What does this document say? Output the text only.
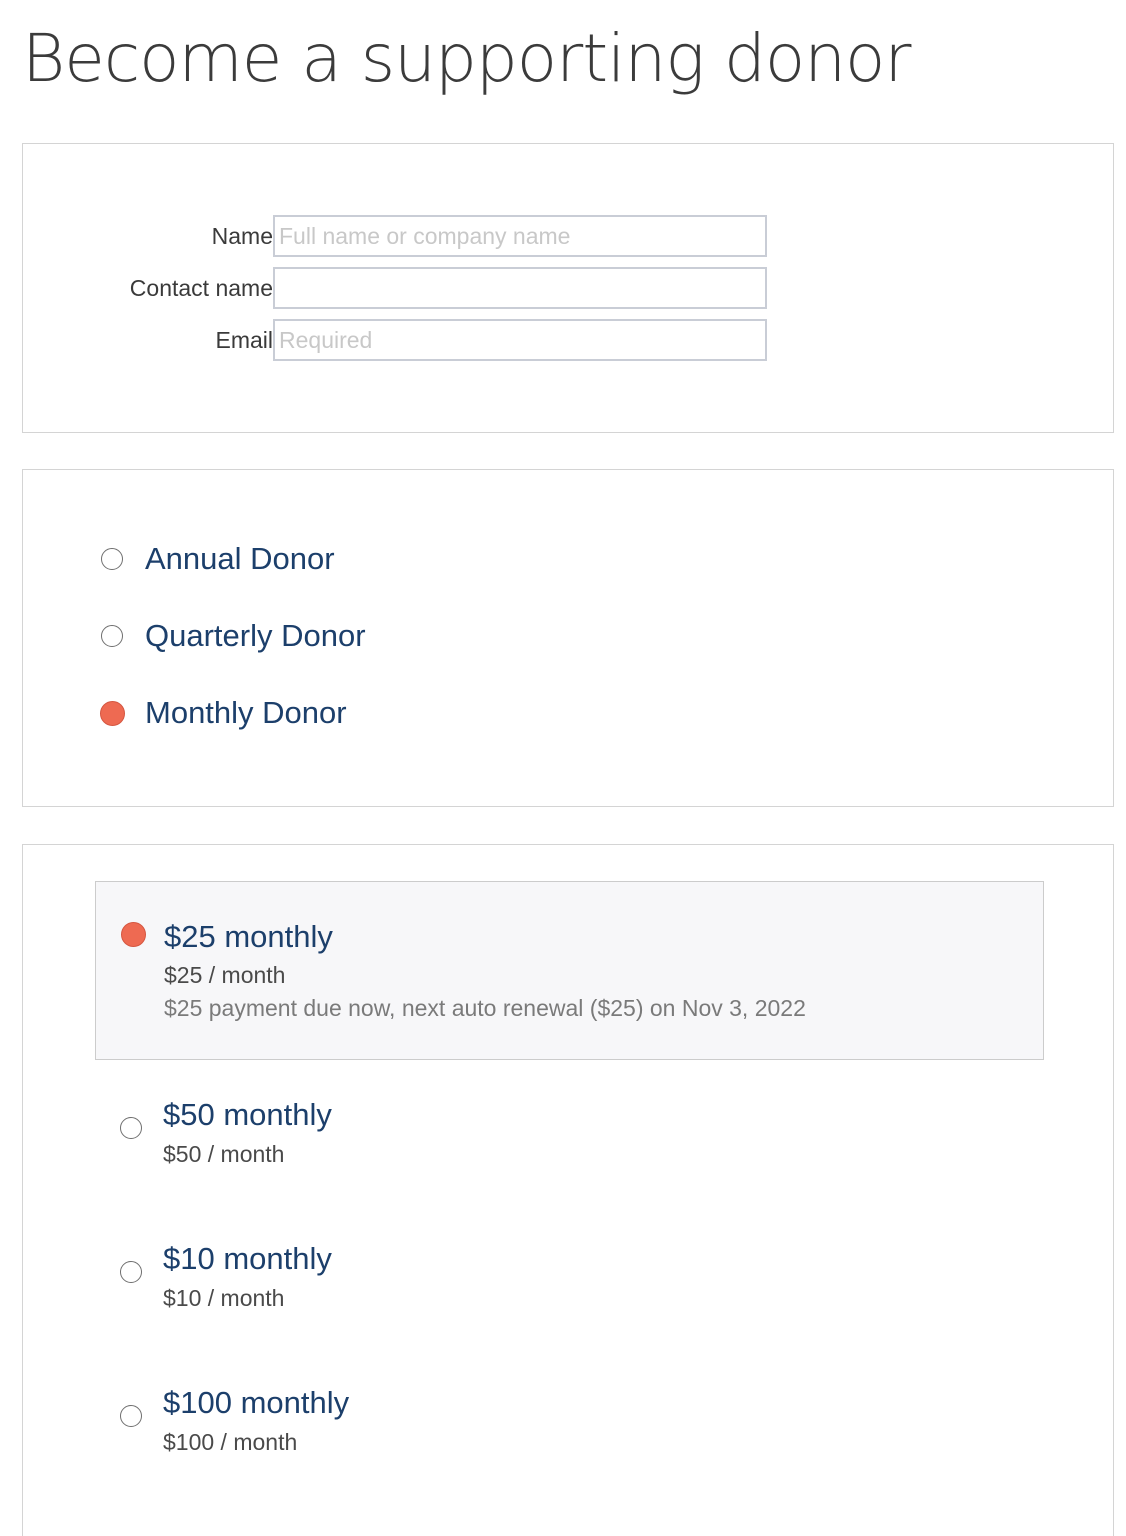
Become a supporting donor
Name
Full name or company name
Contact name
Email
Required
Annual Donor
Quarterly Donor
Monthly Donor
$25 monthly
$25 / month
$25 payment due now, next auto renewal ($25) on Nov 3, 2022
$50 monthly
$50 / month
$10 monthly
$10 / month
$100 monthly
$100 / month
